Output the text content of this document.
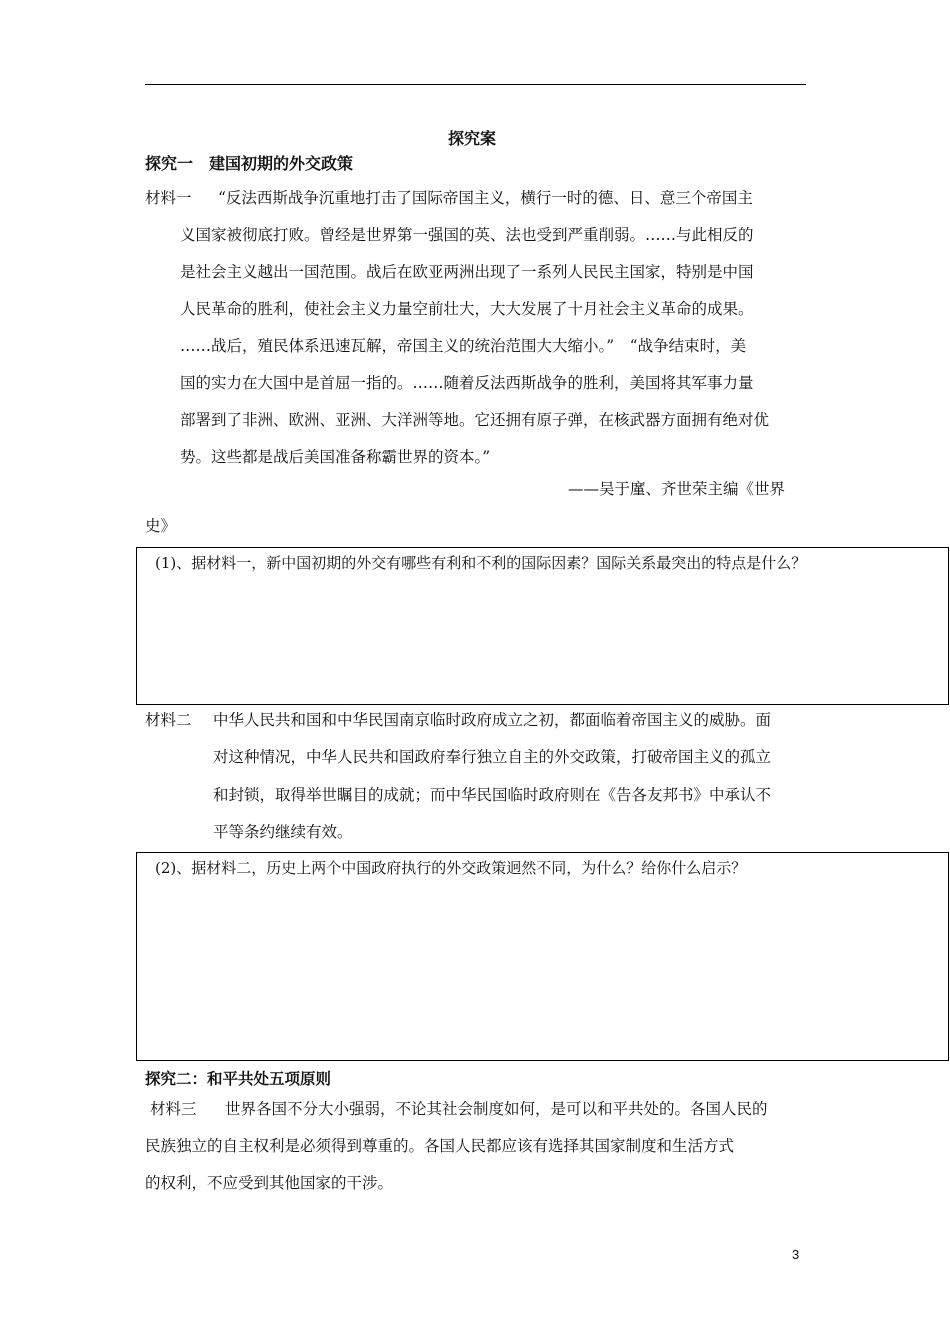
探究案
探究一　建国初期的外交政策
材料一 “反法西斯战争沉重地打击了国际帝国主义，横行一时的德、日、意三个帝国主
义国家被彻底打败。曾经是世界第一强国的英、法也受到严重削弱。……与此相反的
是社会主义越出一国范围。战后在欧亚两洲出现了一系列人民民主国家，特别是中国
人民革命的胜利，使社会主义力量空前壮大，大大发展了十月社会主义革命的成果。
……战后，殖民体系迅速瓦解，帝国主义的统治范围大大缩小。”　“战争结束时，美
国的实力在大国中是首屈一指的。……随着反法西斯战争的胜利，美国将其军事力量
部署到了非洲、欧洲、亚洲、大洋洲等地。它还拥有原子弹，在核武器方面拥有绝对优
势。这些都是战后美国准备称霸世界的资本。”
——吴于廑、齐世荣主编《世界
史》
(1)、据材料一，新中国初期的外交有哪些有利和不利的国际因素？国际关系最突出的特点是什么？
材料二 中华人民共和国和中华民国南京临时政府成立之初，都面临着帝国主义的威胁。面
对这种情况，中华人民共和国政府奉行独立自主的外交政策，打破帝国主义的孤立
和封锁，取得举世瞩目的成就；而中华民国临时政府则在《告各友邦书》中承认不
平等条约继续有效。
(2)、据材料二，历史上两个中国政府执行的外交政策迥然不同，为什么？给你什么启示？
探究二：和平共处五项原则
材料三 世界各国不分大小强弱，不论其社会制度如何，是可以和平共处的。各国人民的
民族独立的自主权利是必须得到尊重的。各国人民都应该有选择其国家制度和生活方式
的权利，不应受到其他国家的干涉。
3
